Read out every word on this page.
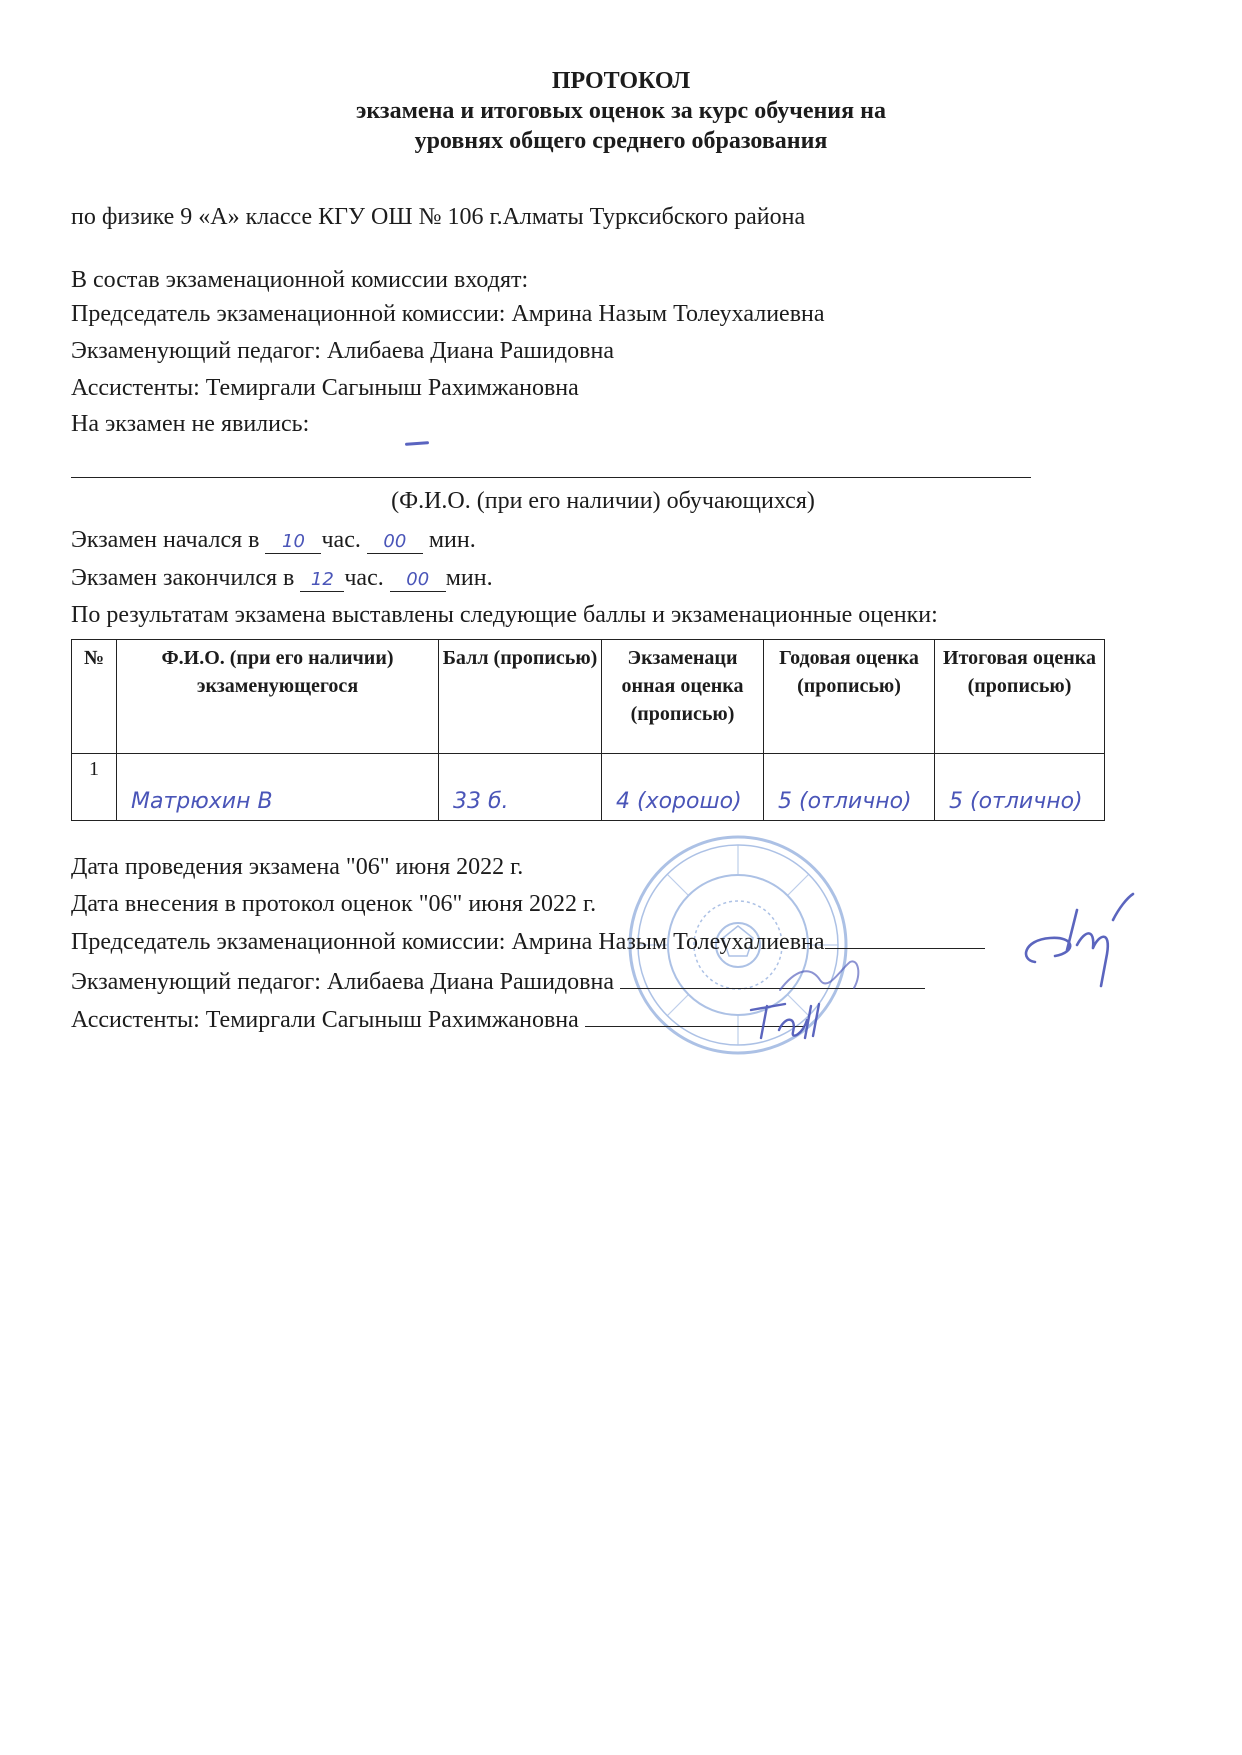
ПРОТОКОЛ
экзамена и итоговых оценок за курс обучения на
уровнях общего среднего образования
по физике 9 «А» классе КГУ ОШ № 106 г.Алматы Турксибского района
В состав экзаменационной комиссии входят:
Председатель экзаменационной комиссии: Амрина Назым Толеухалиевна
Экзаменующий педагог: Алибаева Диана Рашидовна
Ассистенты: Темиргали Сагыныш Рахимжановна
На экзамен не явились:
(Ф.И.О. (при его наличии) обучающихся)
Экзамен начался в 10 час. 00 мин.
Экзамен закончился в 12 час. 00 мин.
По результатам экзамена выставлены следующие баллы и экзаменационные оценки:
№	Ф.И.О. (при его наличии) экзаменующегося	Балл (прописью)	Экзаменаци онная оценка (прописью)	Годовая оценка (прописью)	Итоговая оценка (прописью)
1	Матрюхин В	33 б.	4 (хорошо)	5 (отлично)	5 (отлично)
Дата проведения экзамена "06" июня 2022 г.
Дата внесения в протокол оценок "06" июня 2022 г.
Председатель экзаменационной комиссии: Амрина Назым Толеухалиевна
Экзаменующий педагог: Алибаева Диана Рашидовна
Ассистенты: Темиргали Сагыныш Рахимжановна
